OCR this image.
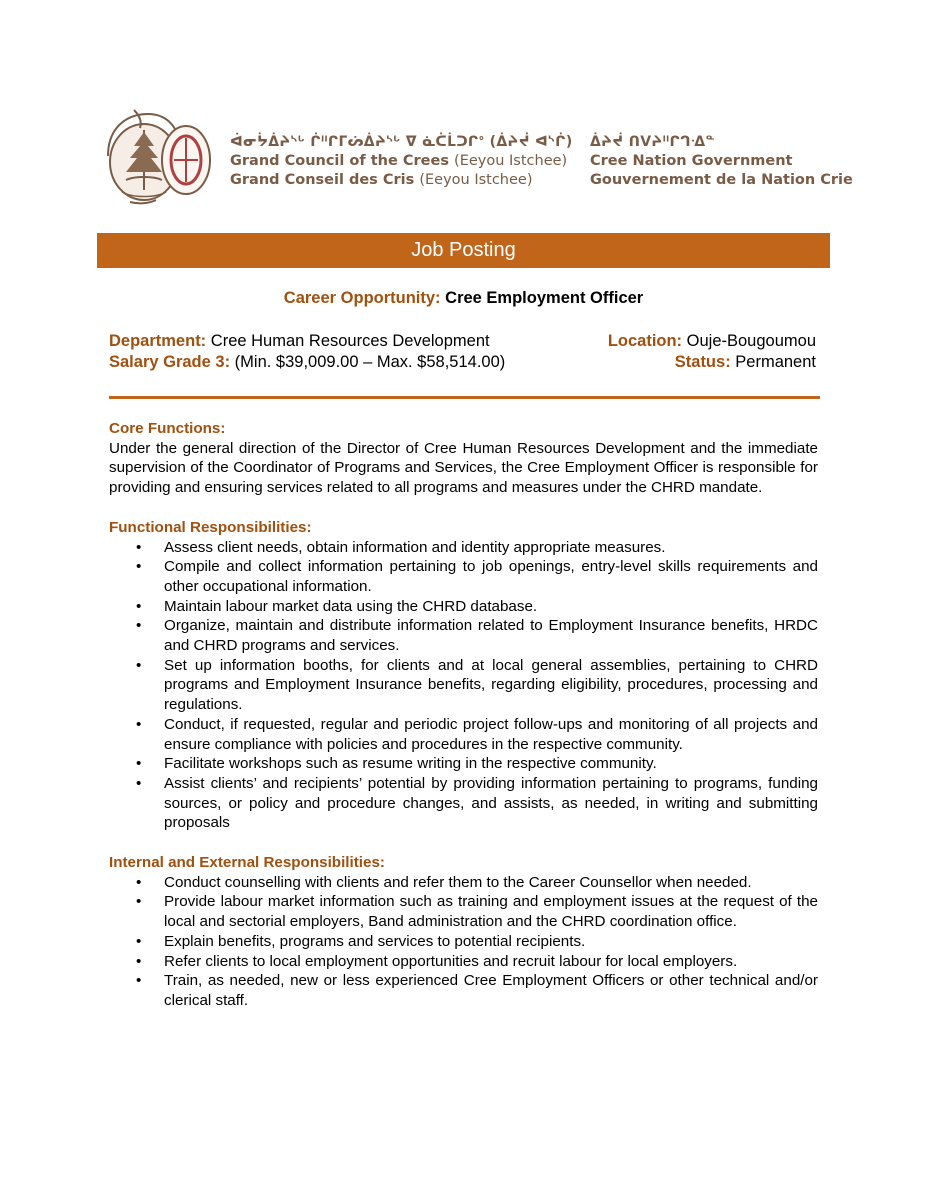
ᐋᓂᔮᐄᔨᔅᒡ ᒌᐦᒋᒥᔖᐄᔨᔅᒡ ᐁ ᓈᑖᒫᑐᒋᐤ (ᐄᔨᔫ ᐊᔅᒌ)
Grand Council of the Crees (Eeyou Istchee)
Grand Conseil des Cris (Eeyou Istchee)
ᐄᔨᔫ ᑎᐯᔨᐦᒋᒉᐎᓐ
Cree Nation Government
Gouvernement de la Nation Crie
Job Posting
Career Opportunity: Cree Employment Officer
Department: Cree Human Resources Development
Salary Grade 3: (Min. $39,009.00 – Max. $58,514.00)
Location: Ouje-Bougoumou
Status: Permanent

Core Functions:

Under the general direction of the Director of Cree Human Resources Development and the immediate supervision of the Coordinator of Programs and Services, the Cree Employment Officer is responsible for providing and ensuring services related to all programs and measures under the CHRD mandate.

Functional Responsibilities:

• Assess client needs, obtain information and identity appropriate measures.
• Compile and collect information pertaining to job openings, entry-level skills requirements and other occupational information.
• Maintain labour market data using the CHRD database.
• Organize, maintain and distribute information related to Employment Insurance benefits, HRDC and CHRD programs and services.
• Set up information booths, for clients and at local general assemblies, pertaining to CHRD programs and Employment Insurance benefits, regarding eligibility, procedures, processing and regulations.
• Conduct, if requested, regular and periodic project follow-ups and monitoring of all projects and ensure compliance with policies and procedures in the respective community.
• Facilitate workshops such as resume writing in the respective community.
• Assist clients’ and recipients’ potential by providing information pertaining to programs, funding sources, or policy and procedure changes, and assists, as needed, in writing and submitting proposals

Internal and External Responsibilities:

• Conduct counselling with clients and refer them to the Career Counsellor when needed.
• Provide labour market information such as training and employment issues at the request of the local and sectorial employers, Band administration and the CHRD coordination office.
• Explain benefits, programs and services to potential recipients.
• Refer clients to local employment opportunities and recruit labour for local employers.
• Train, as needed, new or less experienced Cree Employment Officers or other technical and/or clerical staff.
